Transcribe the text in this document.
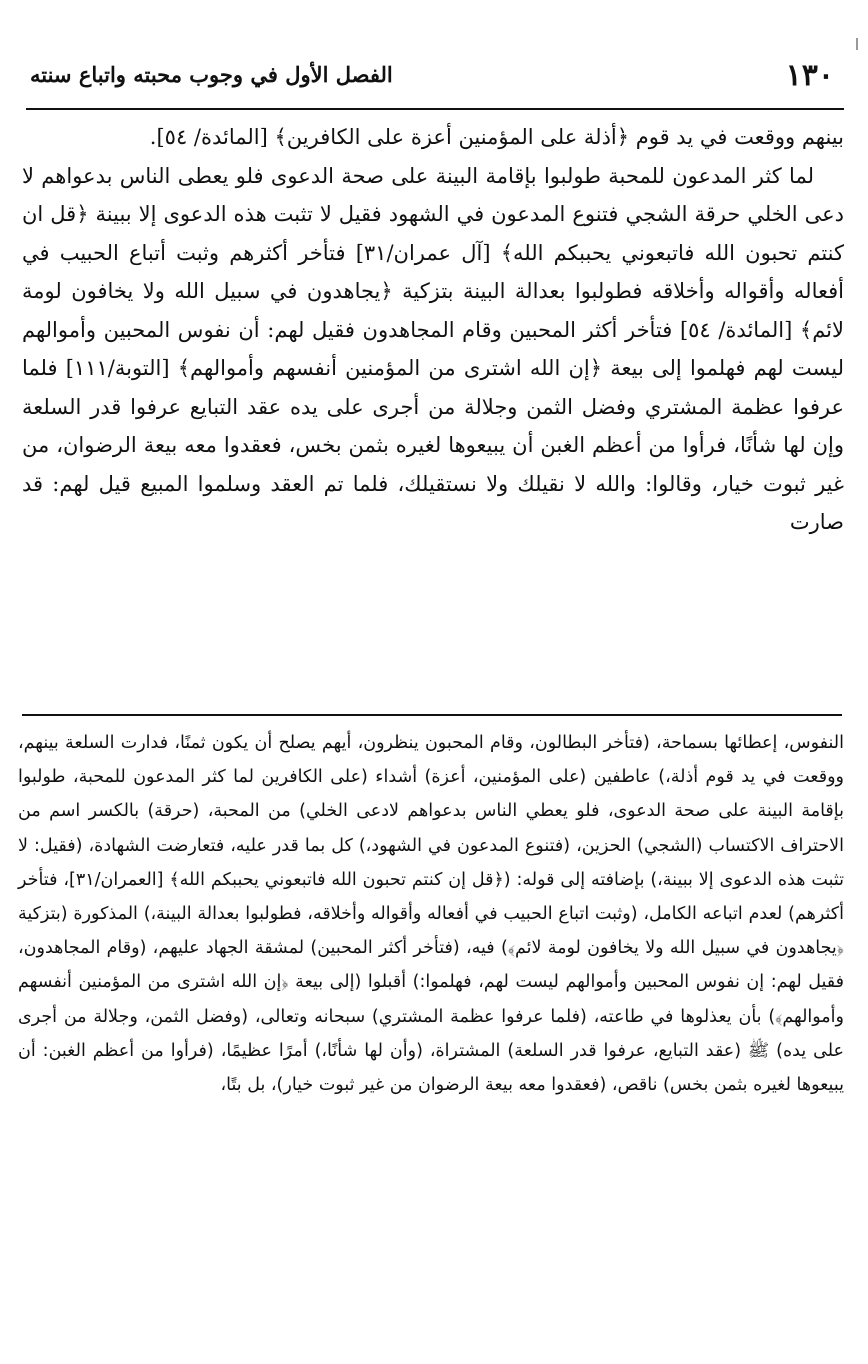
١٣٠
الفصل الأول في وجوب محبته واتباع سنته

بينهم ووقعت في يد قوم ﴿أذلة على المؤمنين أعزة على الكافرين﴾ [المائدة/ ٥٤].

لما كثر المدعون للمحبة طولبوا بإقامة البينة على صحة الدعوى فلو يعطى الناس بدعواهم لا دعى الخلي حرقة الشجي فتنوع المدعون في الشهود فقيل لا تثبت هذه الدعوى إلا ببينة ﴿قل ان كنتم تحبون الله فاتبعوني يحببكم الله﴾ [آل عمران/٣١] فتأخر أكثرهم وثبت أتباع الحبيب في أفعاله وأقواله وأخلاقه فطولبوا بعدالة البينة بتزكية ﴿يجاهدون في سبيل الله ولا يخافون لومة لائم﴾ [المائدة/ ٥٤] فتأخر أكثر المحبين وقام المجاهدون فقيل لهم: أن نفوس المحبين وأموالهم ليست لهم فهلموا إلى بيعة ﴿إن الله اشترى من المؤمنين أنفسهم وأموالهم﴾ [التوبة/١١١] فلما عرفوا عظمة المشتري وفضل الثمن وجلالة من أجرى على يده عقد التبايع عرفوا قدر السلعة وإن لها شأنًا، فرأوا من أعظم الغبن أن يبيعوها لغيره بثمن بخس، فعقدوا معه بيعة الرضوان، من غير ثبوت خيار، وقالوا: والله لا نقيلك ولا نستقيلك، فلما تم العقد وسلموا المبيع قيل لهم: قد صارت

النفوس، إعطائها بسماحة، (فتأخر البطالون، وقام المحبون ينظرون، أيهم يصلح أن يكون ثمنًا، فدارت السلعة بينهم، ووقعت في يد قوم أذلة،) عاطفين (على المؤمنين، أعزة) أشداء (على الكافرين لما كثر المدعون للمحبة، طولبوا بإقامة البينة على صحة الدعوى، فلو يعطي الناس بدعواهم لادعى الخلي) من المحبة، (حرقة) بالكسر اسم من الاحتراف الاكتساب (الشجي) الحزين، (فتنوع المدعون في الشهود،) كل بما قدر عليه، فتعارضت الشهادة، (فقيل: لا تثبت هذه الدعوى إلا ببينة،) بإضافته إلى قوله: (﴿قل إن كنتم تحبون الله فاتبعوني يحببكم الله﴾ [العمران/٣١]، فتأخر أكثرهم) لعدم اتباعه الكامل، (وثبت اتباع الحبيب في أفعاله وأقواله وأخلاقه، فطولبوا بعدالة البينة،) المذكورة (بتزكية ﴿يجاهدون في سبيل الله ولا يخافون لومة لائم﴾) فيه، (فتأخر أكثر المحبين) لمشقة الجهاد عليهم، (وقام المجاهدون، فقيل لهم: إن نفوس المحبين وأموالهم ليست لهم، فهلموا:) أقبلوا (إلى بيعة ﴿إن الله اشترى من المؤمنين أنفسهم وأموالهم﴾) بأن يعذلوها في طاعته، (فلما عرفوا عظمة المشتري) سبحانه وتعالى، (وفضل الثمن، وجلالة من أجرى على يده) ﷺ (عقد التبايع، عرفوا قدر السلعة) المشتراة، (وأن لها شأنًا،) أمرًا عظيمًا، (فرأوا من أعظم الغبن: أن يبيعوها لغيره بثمن بخس) ناقص، (فعقدوا معه بيعة الرضوان من غير ثبوت خيار)، بل بتًا،
